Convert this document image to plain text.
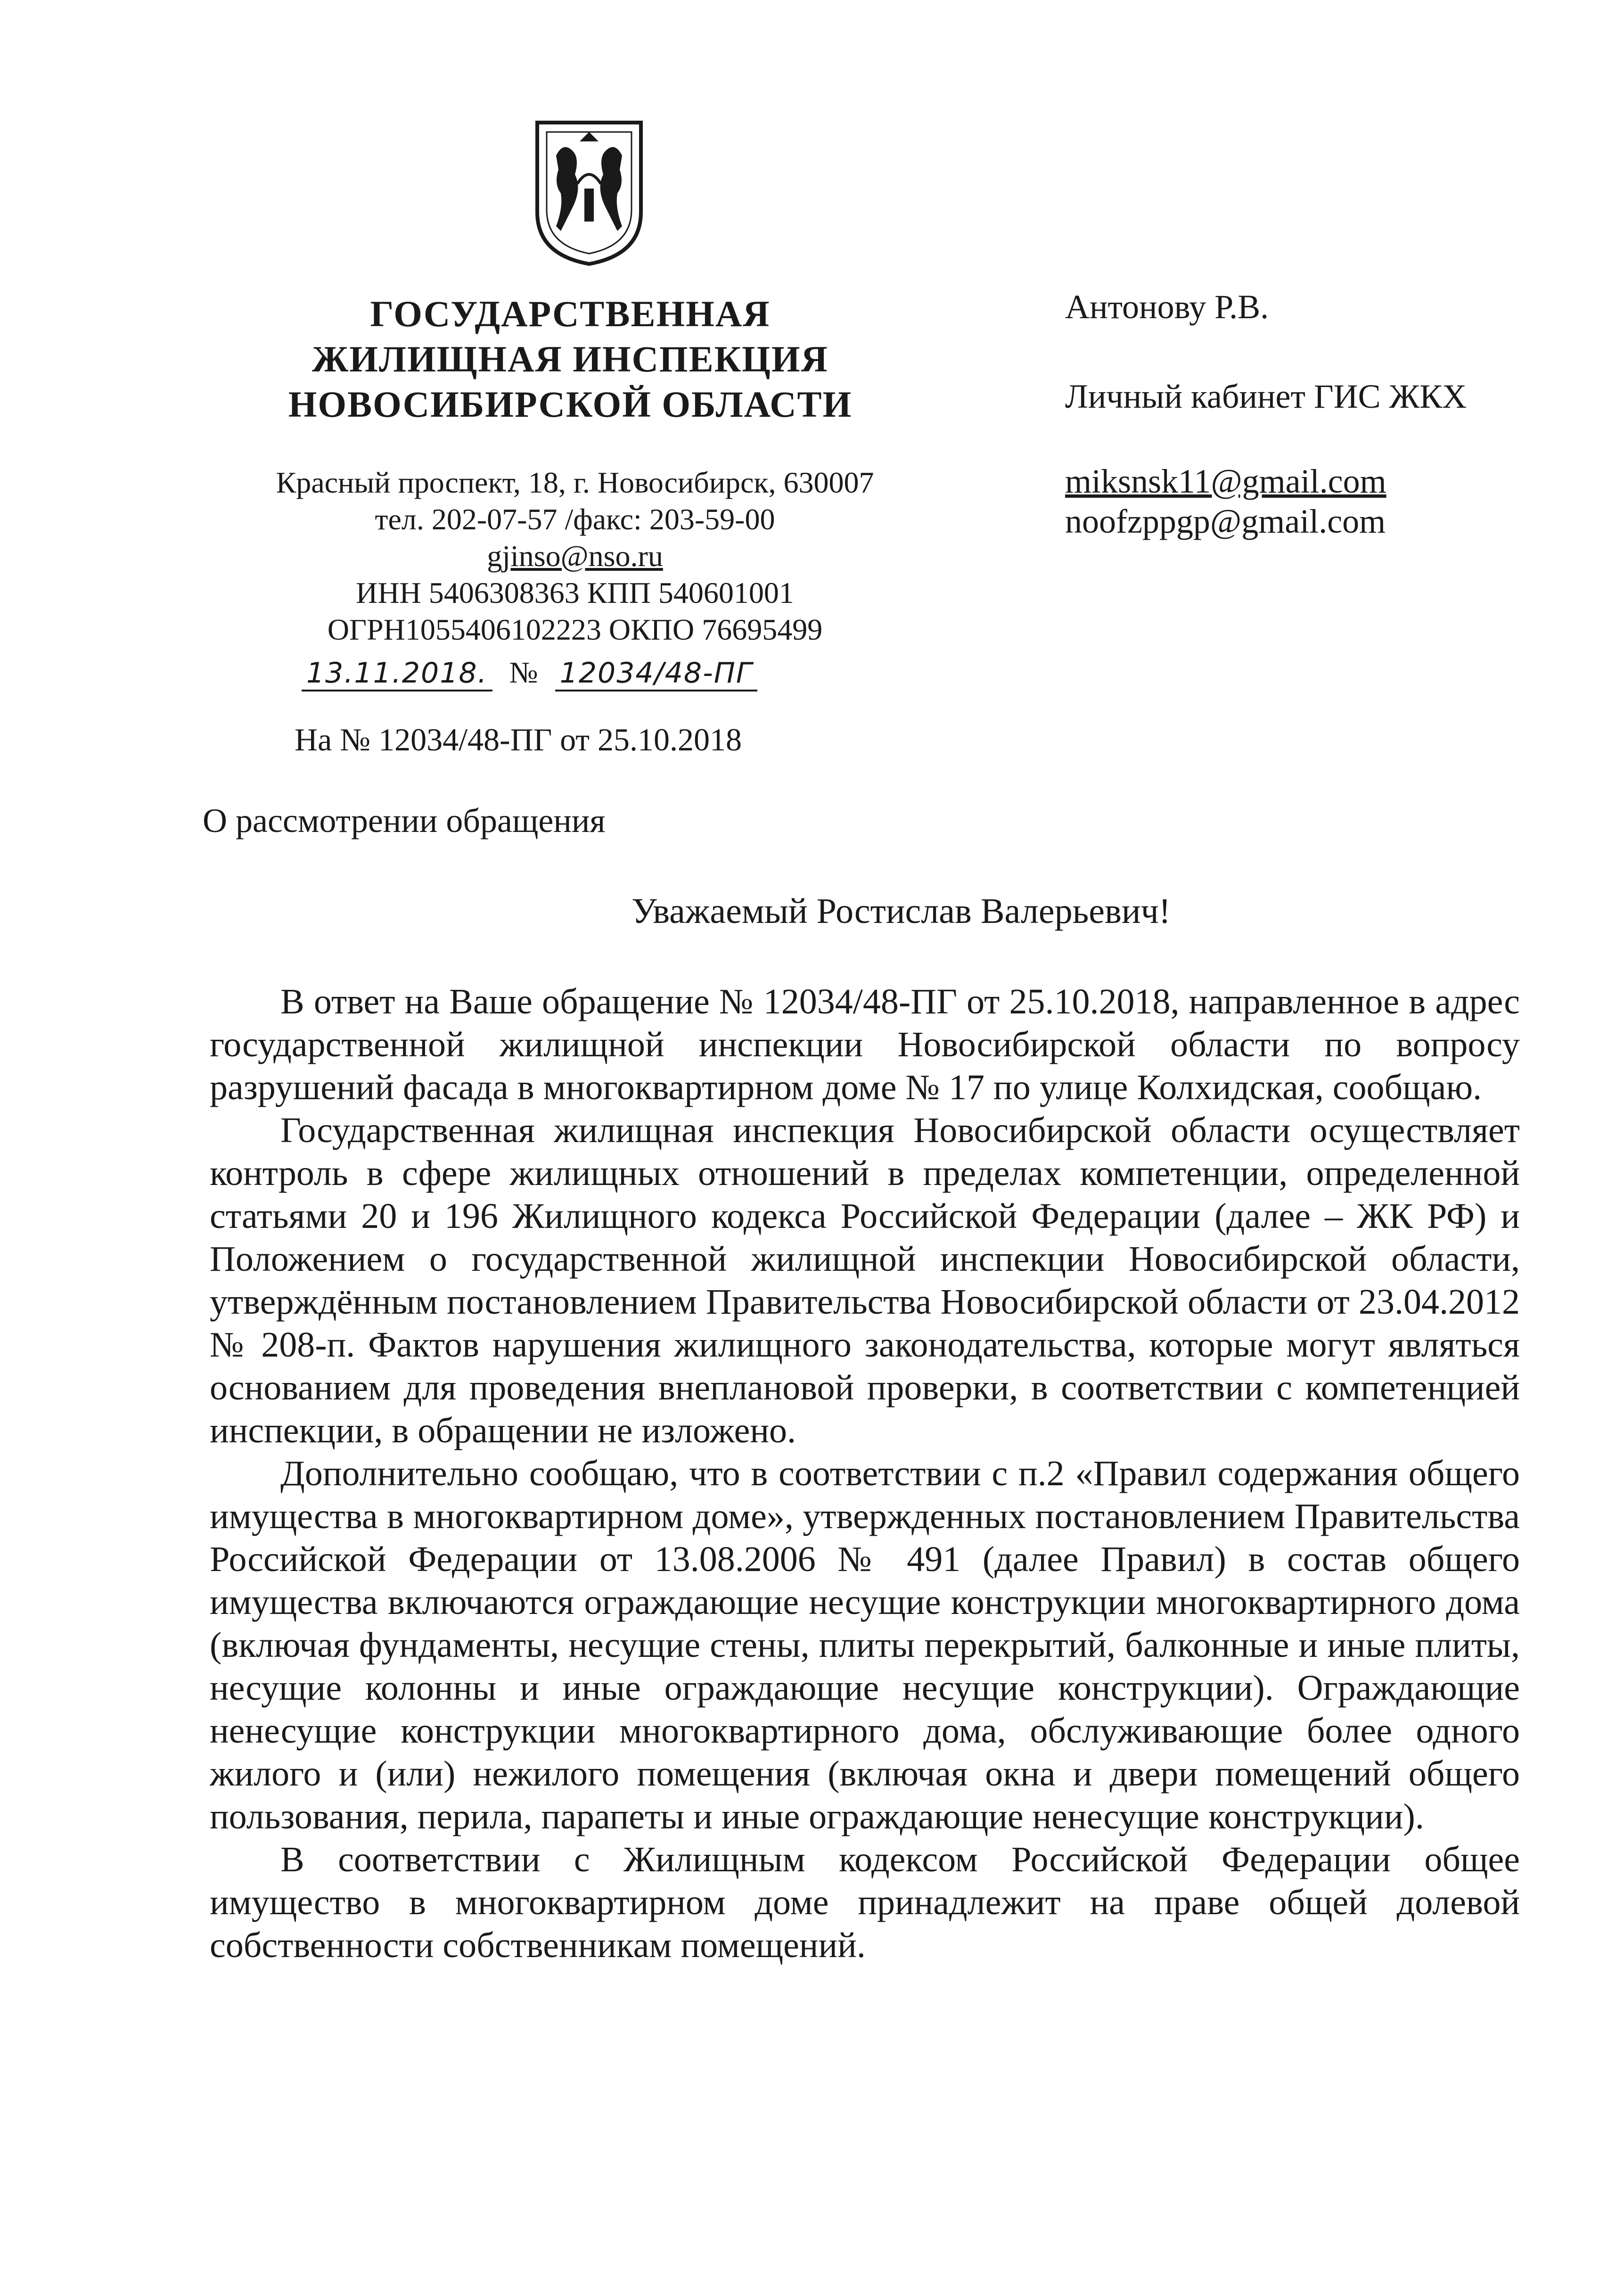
ГОСУДАРСТВЕННАЯ
ЖИЛИЩНАЯ ИНСПЕКЦИЯ
НОВОСИБИРСКОЙ ОБЛАСТИ
Красный проспект, 18, г. Новосибирск, 630007
тел. 202-07-57 /факс: 203-59-00
gjinso@nso.ru
ИНН 5406308363 КПП 540601001
ОГРН1055406102223 ОКПО 76695499
13.11.2018. № 12034/48-ПГ
На № 12034/48-ПГ от 25.10.2018
Антонову Р.В.
Личный кабинет ГИС ЖКХ
miksnsk11@gmail.com
noofzppgp@gmail.com
О рассмотрении обращения
Уважаемый Ростислав Валерьевич!

В ответ на Ваше обращение № 12034/48-ПГ от 25.10.2018, направленное в адрес государственной жилищной инспекции Новосибирской области по вопросу разрушений фасада в многоквартирном доме № 17 по улице Колхидская, сообщаю.

Государственная жилищная инспекция Новосибирской области осуществляет контроль в сфере жилищных отношений в пределах компетенции, определенной статьями 20 и 196 Жилищного кодекса Российской Федерации (далее – ЖК РФ) и Положением о государственной жилищной инспекции Новосибирской области, утверждённым постановлением Правительства Новосибирской области от 23.04.2012 № 208-п. Фактов нарушения жилищного законодательства, которые могут являться основанием для проведения внеплановой проверки, в соответствии с компетенцией инспекции, в обращении не изложено.

Дополнительно сообщаю, что в соответствии с п.2 «Правил содержания общего имущества в многоквартирном доме», утвержденных постановлением Правительства Российской Федерации от 13.08.2006 № 491 (далее Правил) в состав общего имущества включаются ограждающие несущие конструкции многоквартирного дома (включая фундаменты, несущие стены, плиты перекрытий, балконные и иные плиты, несущие колонны и иные ограждающие несущие конструкции). Ограждающие ненесущие конструкции многоквартирного дома, обслуживающие более одного жилого и (или) нежилого помещения (включая окна и двери помещений общего пользования, перила, парапеты и иные ограждающие ненесущие конструкции).

В соответствии с Жилищным кодексом Российской Федерации общее имущество в многоквартирном доме принадлежит на праве общей долевой собственности собственникам помещений.
